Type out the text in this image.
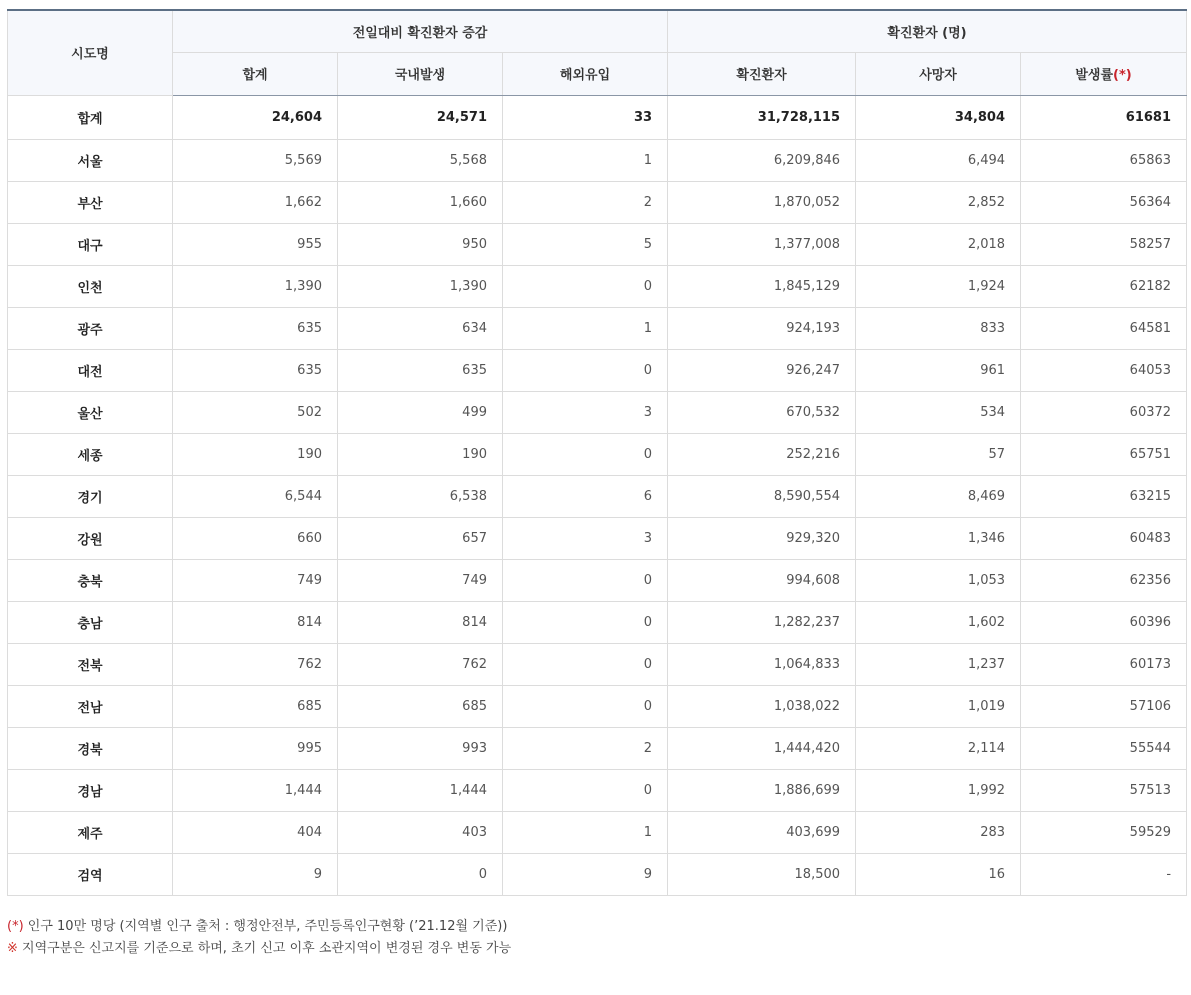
시도명	전일대비 확진환자 증감			확진환자 (명)		
	합계	국내발생	해외유입	확진환자	사망자	발생률(*)
합계	24,604	24,571	33	31,728,115	34,804	61681
서울	5,569	5,568	1	6,209,846	6,494	65863
부산	1,662	1,660	2	1,870,052	2,852	56364
대구	955	950	5	1,377,008	2,018	58257
인천	1,390	1,390	0	1,845,129	1,924	62182
광주	635	634	1	924,193	833	64581
대전	635	635	0	926,247	961	64053
울산	502	499	3	670,532	534	60372
세종	190	190	0	252,216	57	65751
경기	6,544	6,538	6	8,590,554	8,469	63215
강원	660	657	3	929,320	1,346	60483
충북	749	749	0	994,608	1,053	62356
충남	814	814	0	1,282,237	1,602	60396
전북	762	762	0	1,064,833	1,237	60173
전남	685	685	0	1,038,022	1,019	57106
경북	995	993	2	1,444,420	2,114	55544
경남	1,444	1,444	0	1,886,699	1,992	57513
제주	404	403	1	403,699	283	59529
검역	9	0	9	18,500	16	-
(*) 인구 10만 명당 (지역별 인구 출처 : 행정안전부, 주민등록인구현황 (’21.12월 기준))
※ 지역구분은 신고지를 기준으로 하며, 초기 신고 이후 소관지역이 변경된 경우 변동 가능
